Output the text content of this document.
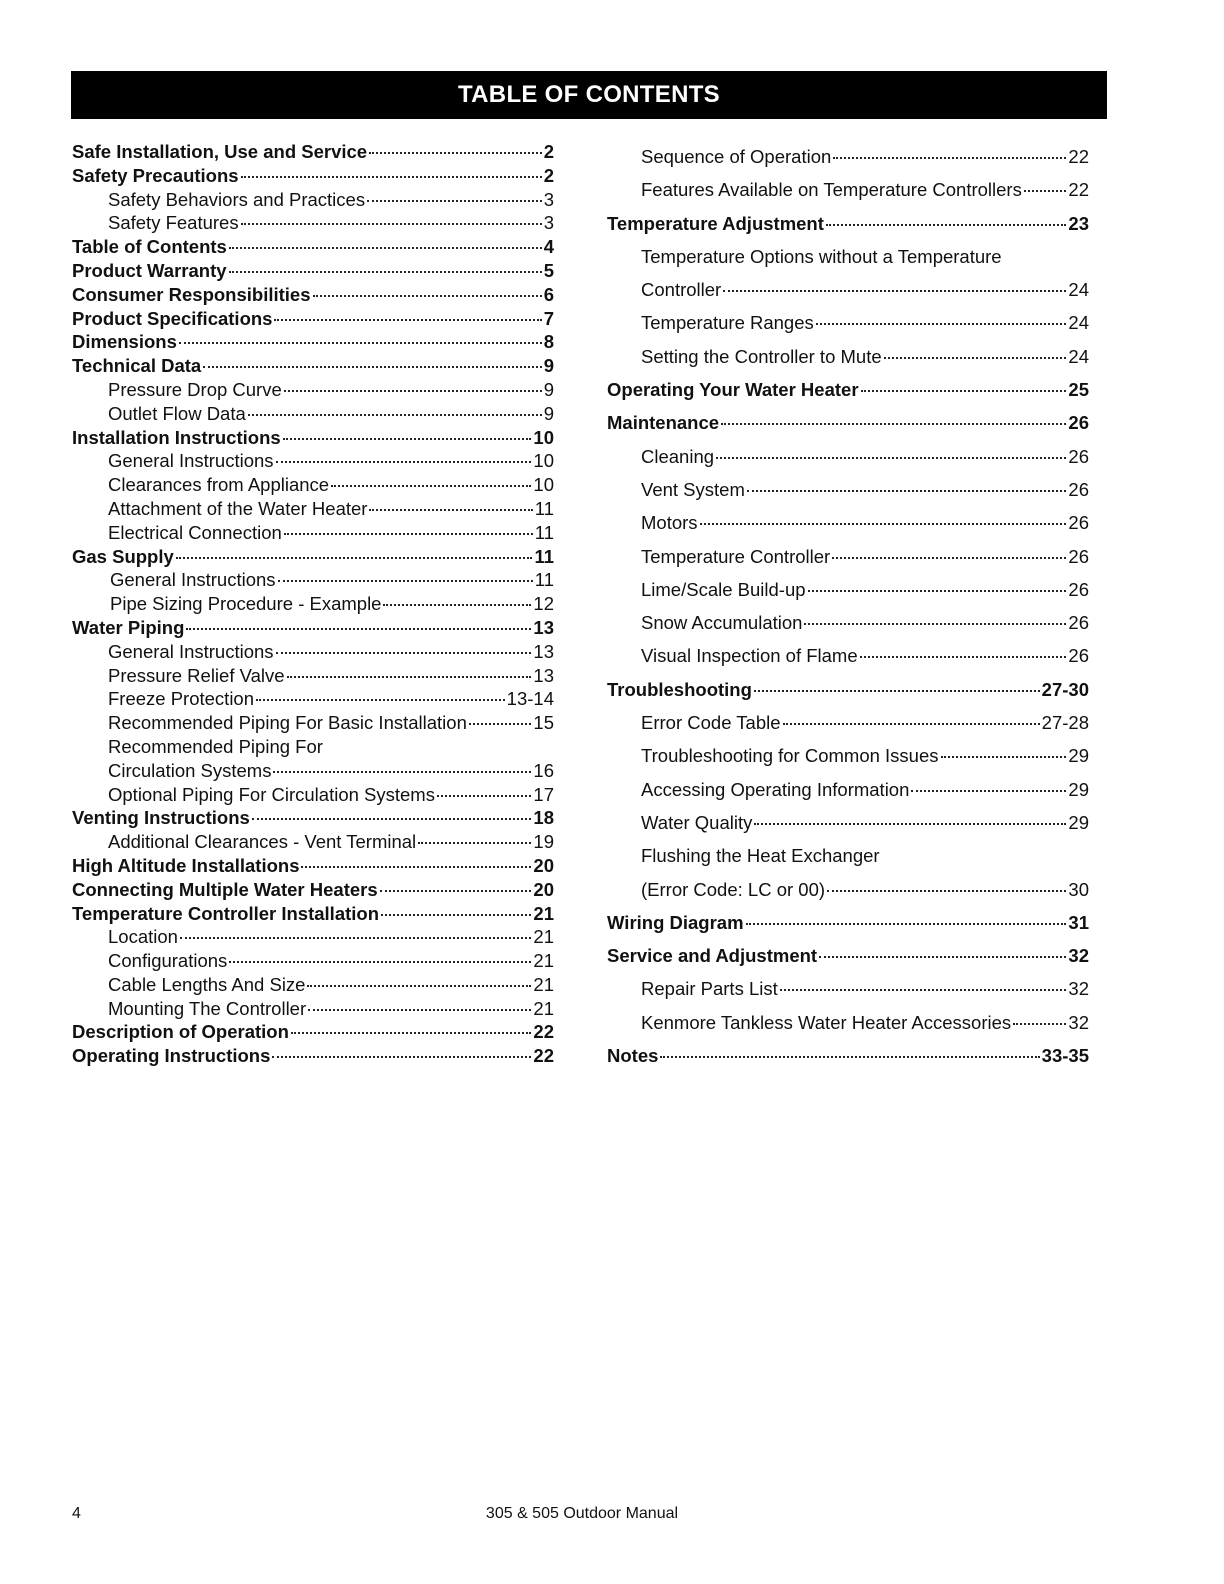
TABLE OF CONTENTS
Safe Installation, Use and Service	2
Safety Precautions	2
Safety Behaviors and Practices	3
Safety Features	3
Table of Contents	4
Product Warranty	5
Consumer Responsibilities	6
Product Specifications	7
Dimensions	8
Technical Data	9
Pressure Drop Curve	9
Outlet Flow Data	9
Installation Instructions	10
General Instructions	10
Clearances from Appliance	10
Attachment of the Water Heater	11
Electrical Connection	11
Gas Supply	11
General Instructions	11
Pipe Sizing Procedure - Example	12
Water Piping	13
General Instructions	13
Pressure Relief Valve	13
Freeze Protection	13-14
Recommended Piping For Basic Installation	15
Recommended Piping For
Circulation Systems	16
Optional Piping For Circulation Systems	17
Venting Instructions	18
Additional Clearances - Vent Terminal	19
High Altitude Installations	20
Connecting Multiple Water Heaters	20
Temperature Controller Installation	21
Location	21
Configurations	21
Cable Lengths And Size	21
Mounting The Controller	21
Description of Operation	22
Operating Instructions	22
Sequence of Operation	22
Features Available on Temperature Controllers	22
Temperature Adjustment	23
Temperature Options without a Temperature
Controller	24
Temperature Ranges	24
Setting the Controller to Mute	24
Operating Your Water Heater	25
Maintenance	26
Cleaning	26
Vent System	26
Motors	26
Temperature Controller	26
Lime/Scale Build-up	26
Snow Accumulation	26
Visual Inspection of Flame	26
Troubleshooting	27-30
Error Code Table	27-28
Troubleshooting for Common Issues	29
Accessing Operating Information	29
Water Quality	29
Flushing the Heat Exchanger
(Error Code: LC or 00)	30
Wiring Diagram	31
Service and Adjustment	32
Repair Parts List	32
Kenmore Tankless Water Heater Accessories	32
Notes	33-35
4	305 & 505 Outdoor Manual
